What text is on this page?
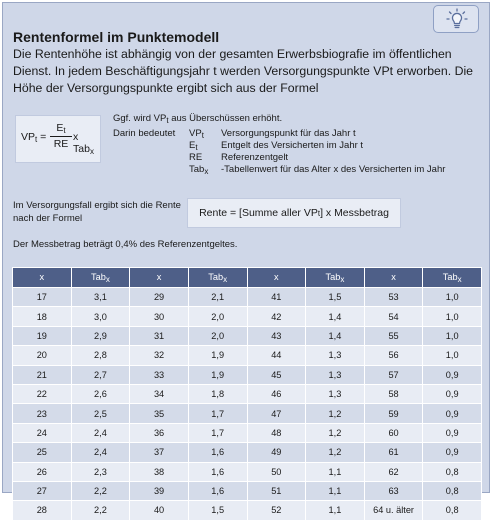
Rentenformel im Punktemodell

Die Rentenhöhe ist abhängig von der gesamten Erwerbsbiografie im öffentlichen Dienst. In jedem Beschäftigungsjahr t werden Versorgungspunkte VPt erworben. Die Höhe der Versorgungspunkte ergibt sich aus der Formel

$VP_t$ =
$E_t$
RE
x Tab$_x$
Ggf. wird $VP_t$ aus Überschüssen erhöht.
Darin bedeutet $VP_t$	Versorgungspunkt für das Jahr t
$E_t$	Entgelt des Versicherten im Jahr t
RE	Referenzentgelt
Tab$_x$	-Tabellenwert für das Alter x des Versicherten im Jahr
Im Versorgungsfall ergibt sich die Rente nach der Formel	Rente = [Summe aller VP t ] x Messbetrag
Der Messbetrag beträgt 0,4% des Referenzentgeltes.
x	Tab$_x$	x	Tab$_x$	x	Tab$_x$	x	Tab$_x$
17	3,1	29	2,1	41	1,5	53	1,0
18	3,0	30	2,0	42	1,4	54	1,0
19	2,9	31	2,0	43	1,4	55	1,0
20	2,8	32	1,9	44	1,3	56	1,0
21	2,7	33	1,9	45	1,3	57	0,9
22	2,6	34	1,8	46	1,3	58	0,9
23	2,5	35	1,7	47	1,2	59	0,9
24	2,4	36	1,7	48	1,2	60	0,9
25	2,4	37	1,6	49	1,2	61	0,9
26	2,3	38	1,6	50	1,1	62	0,8
27	2,2	39	1,6	51	1,1	63	0,8
28	2,2	40	1,5	52	1,1	64 u. älter	0,8
